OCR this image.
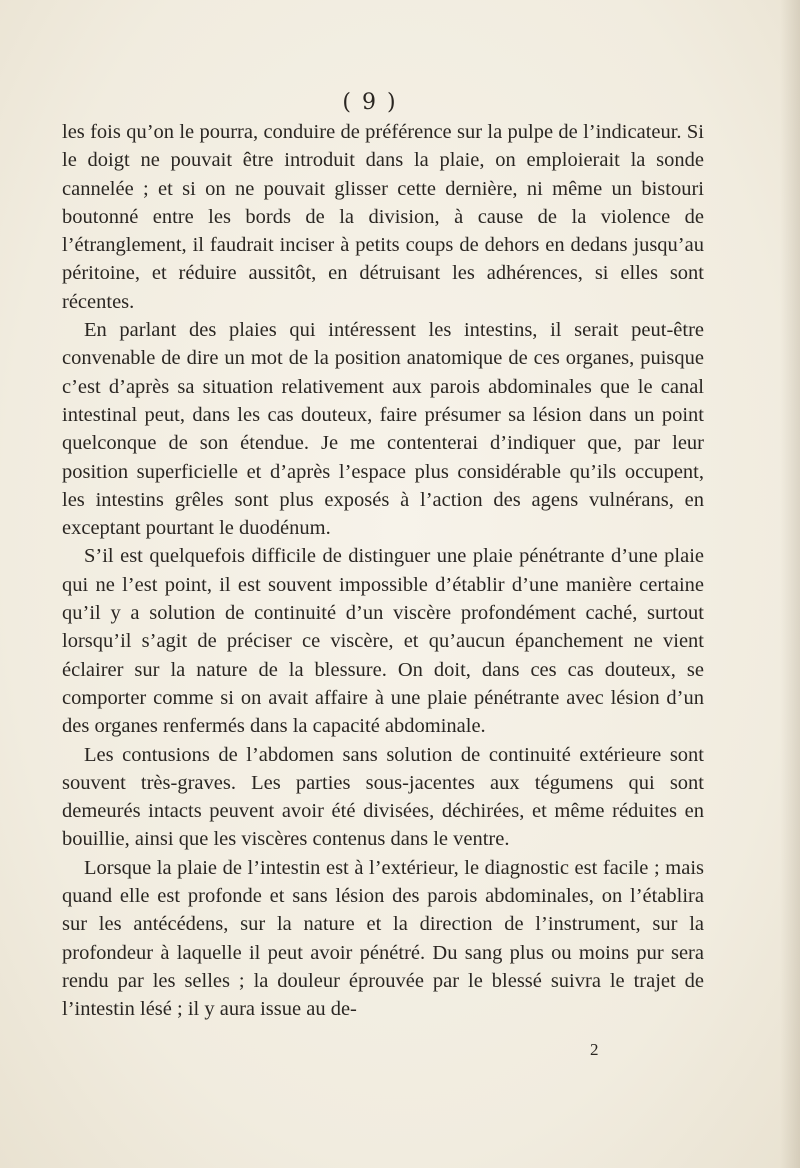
( 9 )

les fois qu’on le pourra, conduire de préférence sur la pulpe de l’indicateur. Si le doigt ne pouvait être introduit dans la plaie, on emploierait la sonde cannelée ; et si on ne pouvait glisser cette dernière, ni même un bistouri boutonné entre les bords de la division, à cause de la violence de l’étranglement, il faudrait inciser à petits coups de dehors en dedans jusqu’au péritoine, et réduire aussitôt, en détruisant les adhérences, si elles sont récentes.

En parlant des plaies qui intéressent les intestins, il serait peut-être convenable de dire un mot de la position anatomique de ces organes, puisque c’est d’après sa situation relativement aux parois abdominales que le canal intestinal peut, dans les cas douteux, faire présumer sa lésion dans un point quelconque de son étendue. Je me contenterai d’indiquer que, par leur position superficielle et d’après l’espace plus considérable qu’ils occupent, les intestins grêles sont plus exposés à l’action des agens vulnérans, en exceptant pourtant le duodénum.

S’il est quelquefois difficile de distinguer une plaie pénétrante d’une plaie qui ne l’est point, il est souvent impossible d’établir d’une manière certaine qu’il y a solution de continuité d’un viscère profondément caché, surtout lorsqu’il s’agit de préciser ce viscère, et qu’aucun épanchement ne vient éclairer sur la nature de la blessure. On doit, dans ces cas douteux, se comporter comme si on avait affaire à une plaie pénétrante avec lésion d’un des organes renfermés dans la capacité abdominale.

Les contusions de l’abdomen sans solution de continuité extérieure sont souvent très-graves. Les parties sous-jacentes aux tégumens qui sont demeurés intacts peuvent avoir été divisées, déchirées, et même réduites en bouillie, ainsi que les viscères contenus dans le ventre.

Lorsque la plaie de l’intestin est à l’extérieur, le diagnostic est facile ; mais quand elle est profonde et sans lésion des parois abdominales, on l’établira sur les antécédens, sur la nature et la direction de l’instrument, sur la profondeur à laquelle il peut avoir pénétré. Du sang plus ou moins pur sera rendu par les selles ; la douleur éprouvée par le blessé suivra le trajet de l’intestin lésé ; il y aura issue au de-

2
